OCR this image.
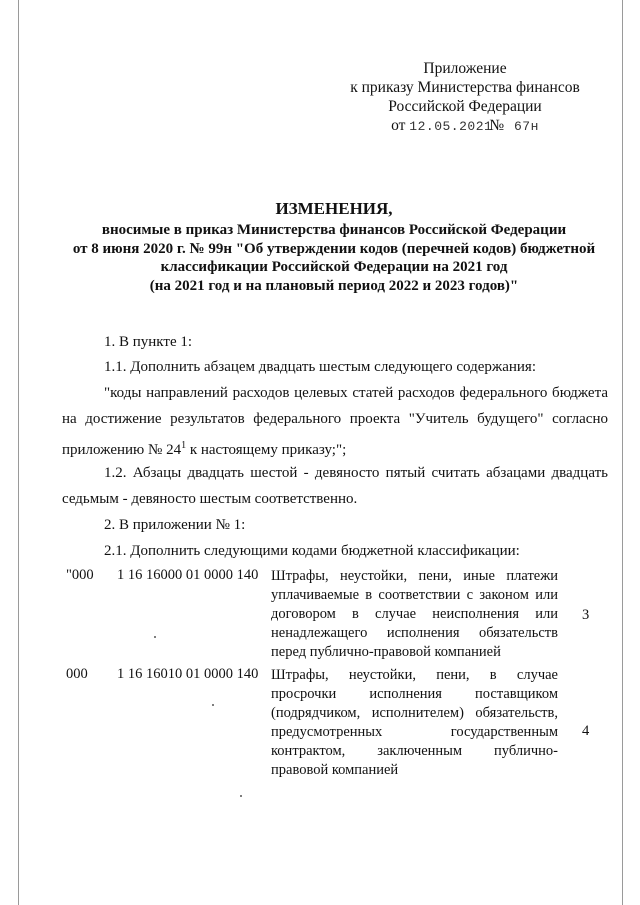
Приложение
к приказу Министерства финансов
Российской Федерации
от 12.05.2021№ 67н
ИЗМЕНЕНИЯ,
вносимые в приказ Министерства финансов Российской Федерации
от 8 июня 2020 г. № 99н "Об утверждении кодов (перечней кодов) бюджетной
классификации Российской Федерации на 2021 год
(на 2021 год и на плановый период 2022 и 2023 годов)"
1. В пункте 1:
1.1. Дополнить абзацем двадцать шестым следующего содержания:
"коды направлений расходов целевых статей расходов федерального бюджета
на достижение результатов федерального проекта "Учитель будущего" согласно
приложению № $24^1$ к настоящему приказу;";
1.2. Абзацы двадцать шестой - девяносто пятый считать абзацами двадцать
седьмым - девяносто шестым соответственно.
2. В приложении № 1:
2.1. Дополнить следующими кодами бюджетной классификации:
"000 1 16 16000 01 0000 140 Штрафы, неустойки, пени, иные платежи
уплачиваемые в соответствии с законом или
договором в случае неисполнения или
ненадлежащего исполнения обязательств
перед публично-правовой компанией
3
000 1 16 16010 01 0000 140 Штрафы, неустойки, пени, в случае
просрочки исполнения поставщиком
(подрядчиком, исполнителем) обязательств,
предусмотренных государственным
контрактом, заключенным публично-
правовой компанией
4
